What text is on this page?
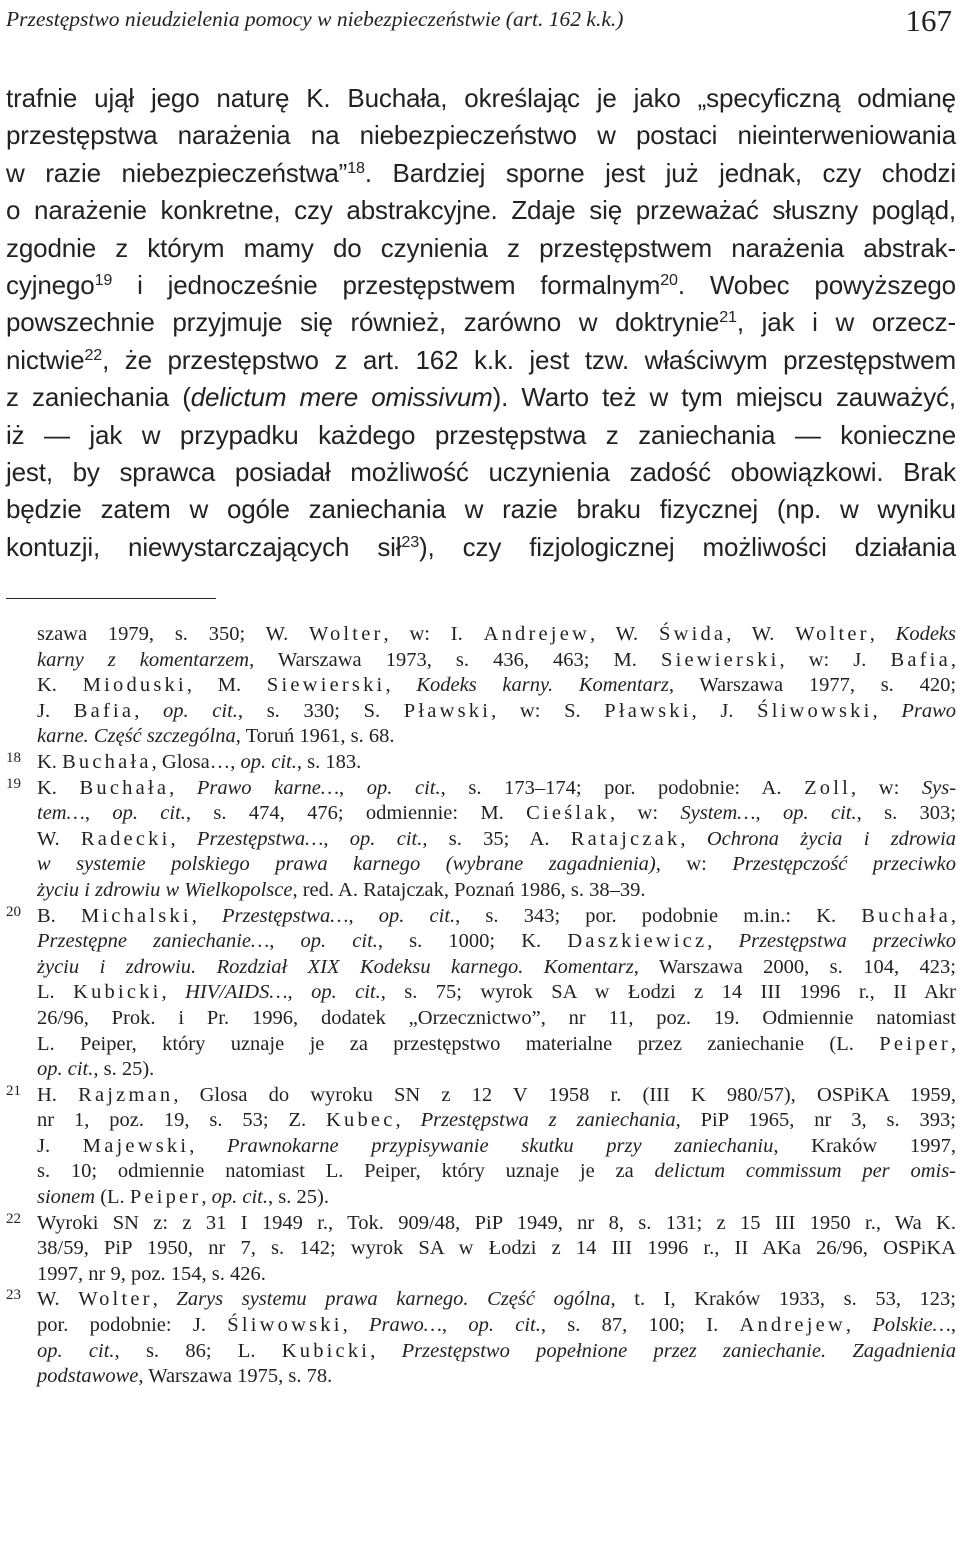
Przestępstwo nieudzielenia pomocy w niebezpieczeństwie (art. 162 k.k.)	167
trafnie ujął jego naturę K. Buchała, określając je jako „specyficzną odmianę
przestępstwa narażenia na niebezpieczeństwo w postaci nieinterweniowania
w razie niebezpieczeństwa”$^{18}$. Bardziej sporne jest już jednak, czy chodzi
o narażenie konkretne, czy abstrakcyjne. Zdaje się przeważać słuszny pogląd,
zgodnie z którym mamy do czynienia z przestępstwem narażenia abstrak-
cyjnego$^{19}$ i jednocześnie przestępstwem formalnym$^{20}$. Wobec powyższego
powszechnie przyjmuje się również, zarówno w doktrynie$^{21}$, jak i w orzecz-
nictwie$^{22}$, że przestępstwo z art. 162 k.k. jest tzw. właściwym przestępstwem
z zaniechania (delictum mere omissivum). Warto też w tym miejscu zauważyć,
iż — jak w przypadku każdego przestępstwa z zaniechania — konieczne
jest, by sprawca posiadał możliwość uczynienia zadość obowiązkowi. Brak
będzie zatem w ogóle zaniechania w razie braku fizycznej (np. w wyniku
kontuzji, niewystarczających sił$^{23}$), czy fizjologicznej możliwości działania
szawa 1979, s. 350; W. Wolter, w: I. Andrejew, W. Świda, W. Wolter, Kodeks
karny z komentarzem, Warszawa 1973, s. 436, 463; M. Siewierski, w: J. Bafia,
K. Mioduski, M. Siewierski, Kodeks karny. Komentarz, Warszawa 1977, s. 420;
J. Bafia, op. cit., s. 330; S. Pławski, w: S. Pławski, J. Śliwowski, Prawo
karne. Część szczególna, Toruń 1961, s. 68.
18 K. Buchała, Glosa…, op. cit., s. 183.
19 K. Buchała, Prawo karne…, op. cit., s. 173–174; por. podobnie: A. Zoll, w: Sys-
tem…, op. cit., s. 474, 476; odmiennie: M. Cieślak, w: System…, op. cit., s. 303;
W. Radecki, Przestępstwa…, op. cit., s. 35; A. Ratajczak, Ochrona życia i zdrowia
w systemie polskiego prawa karnego (wybrane zagadnienia), w: Przestępczość przeciwko
życiu i zdrowiu w Wielkopolsce, red. A. Ratajczak, Poznań 1986, s. 38–39.
20 B. Michalski, Przestępstwa…, op. cit., s. 343; por. podobnie m.in.: K. Buchała,
Przestępne zaniechanie…, op. cit., s. 1000; K. Daszkiewicz, Przestępstwa przeciwko
życiu i zdrowiu. Rozdział XIX Kodeksu karnego. Komentarz, Warszawa 2000, s. 104, 423;
L. Kubicki, HIV/AIDS…, op. cit., s. 75; wyrok SA w Łodzi z 14 III 1996 r., II Akr
26/96, Prok. i Pr. 1996, dodatek „Orzecznictwo”, nr 11, poz. 19. Odmiennie natomiast
L. Peiper, który uznaje je za przestępstwo materialne przez zaniechanie (L. Peiper,
op. cit., s. 25).
21 H. Rajzman, Glosa do wyroku SN z 12 V 1958 r. (III K 980/57), OSPiKA 1959,
nr 1, poz. 19, s. 53; Z. Kubec, Przestępstwa z zaniechania, PiP 1965, nr 3, s. 393;
J. Majewski, Prawnokarne przypisywanie skutku przy zaniechaniu, Kraków 1997,
s. 10; odmiennie natomiast L. Peiper, który uznaje je za delictum commissum per omis-
sionem (L. Peiper, op. cit., s. 25).
22 Wyroki SN z: z 31 I 1949 r., Tok. 909/48, PiP 1949, nr 8, s. 131; z 15 III 1950 r., Wa K.
38/59, PiP 1950, nr 7, s. 142; wyrok SA w Łodzi z 14 III 1996 r., II AKa 26/96, OSPiKA
1997, nr 9, poz. 154, s. 426.
23 W. Wolter, Zarys systemu prawa karnego. Część ogólna, t. I, Kraków 1933, s. 53, 123;
por. podobnie: J. Śliwowski, Prawo…, op. cit., s. 87, 100; I. Andrejew, Polskie…,
op. cit., s. 86; L. Kubicki, Przestępstwo popełnione przez zaniechanie. Zagadnienia
podstawowe, Warszawa 1975, s. 78.
